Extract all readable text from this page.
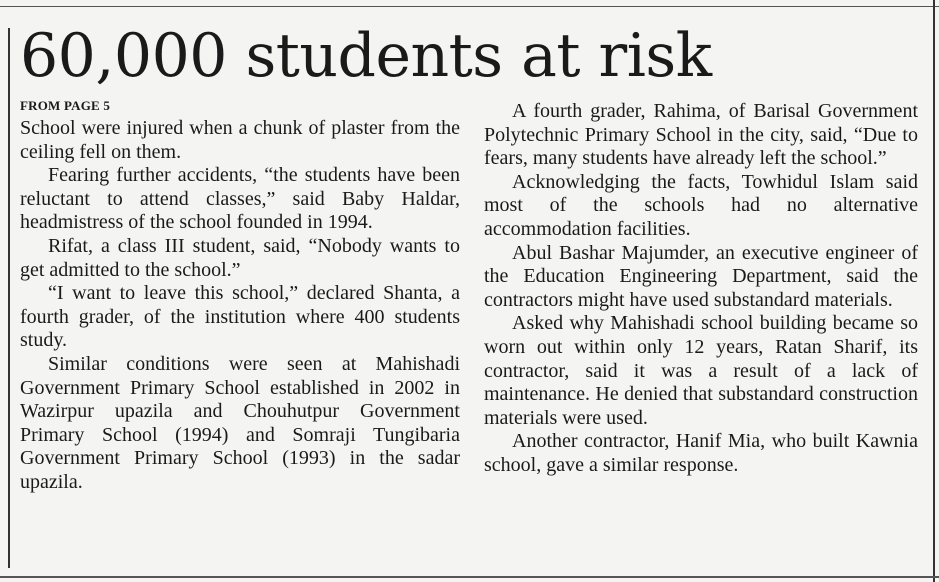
60,000 students at risk
FROM PAGE 5

School were injured when a chunk of plaster from the ceiling fell on them.

Fearing further accidents, “the students have been reluctant to attend classes,” said Baby Haldar, headmistress of the school founded in 1994.

Rifat, a class III student, said, “Nobody wants to get admitted to the school.”

“I want to leave this school,” declared Shanta, a fourth grader, of the institution where 400 students study.

Similar conditions were seen at Mahishadi Government Primary School established in 2002 in Wazirpur upazila and Chouhutpur Government Primary School (1994) and Somraji Tungibaria Government Primary School (1993) in the sadar upazila.

A fourth grader, Rahima, of Barisal Government Polytechnic Primary School in the city, said, “Due to fears, many students have already left the school.”

Acknowledging the facts, Towhidul Islam said most of the schools had no alternative accommodation facilities.

Abul Bashar Majumder, an executive engineer of the Education Engineering Department, said the contractors might have used substandard materials.

Asked why Mahishadi school building became so worn out within only 12 years, Ratan Sharif, its contractor, said it was a result of a lack of maintenance. He denied that substandard construction materials were used.

Another contractor, Hanif Mia, who built Kawnia school, gave a similar response.
